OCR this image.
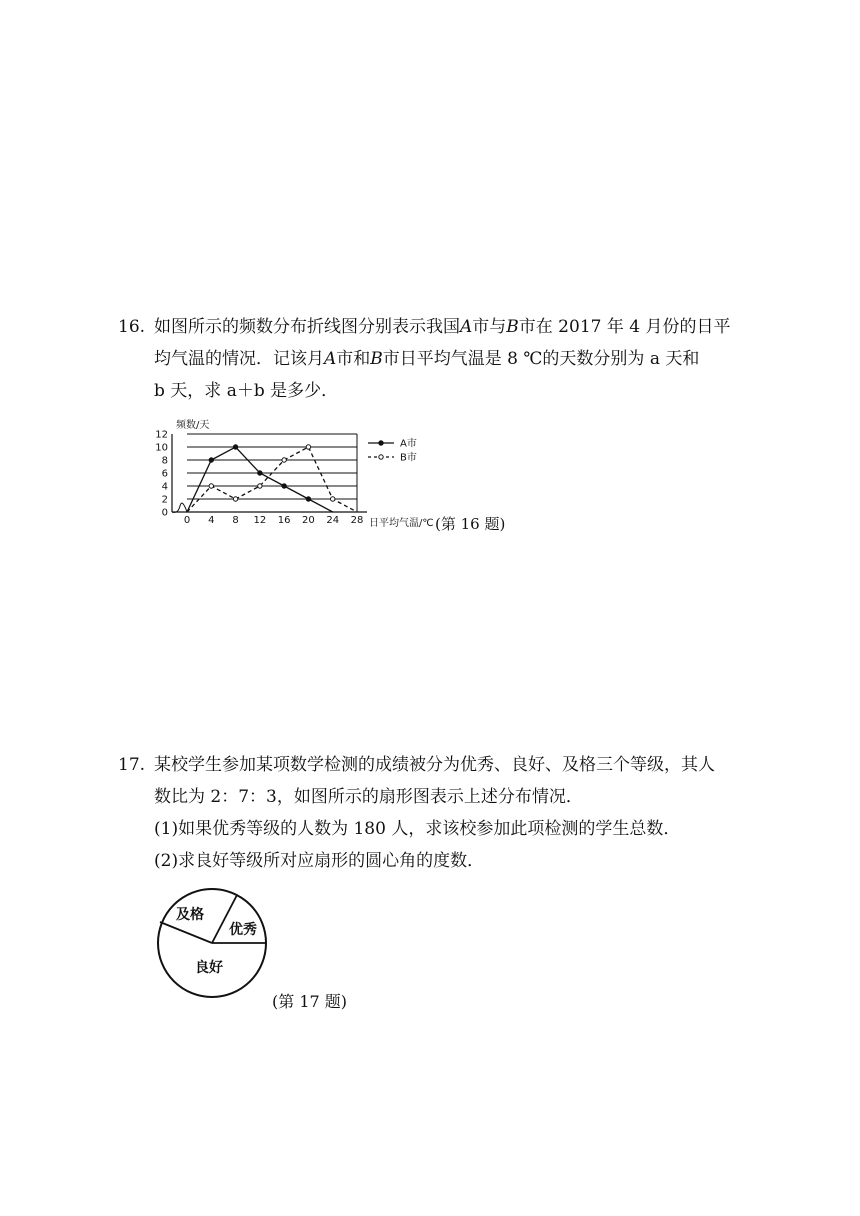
16. 如图所示的频数分布折线图分别表示我国A市与B市在 2017 年 4 月份的日平
均气温的情况．记该月A市和B市日平均气温是 8 ℃的天数分别为 a 天和
b 天，求 a＋b 是多少．
0
2
4
6
8
10
12
0 4 8 12 16 20 24 28
A市
B市
频数/天
日平均气温/℃ (第 16 题)
17. 某校学生参加某项数学检测的成绩被分为优秀、良好、及格三个等级，其人
数比为 2：7：3，如图所示的扇形图表示上述分布情况．
(1)如果优秀等级的人数为 180 人，求该校参加此项检测的学生总数．
(2)求良好等级所对应扇形的圆心角的度数．
及格
优秀
良好
(第 17 题)
